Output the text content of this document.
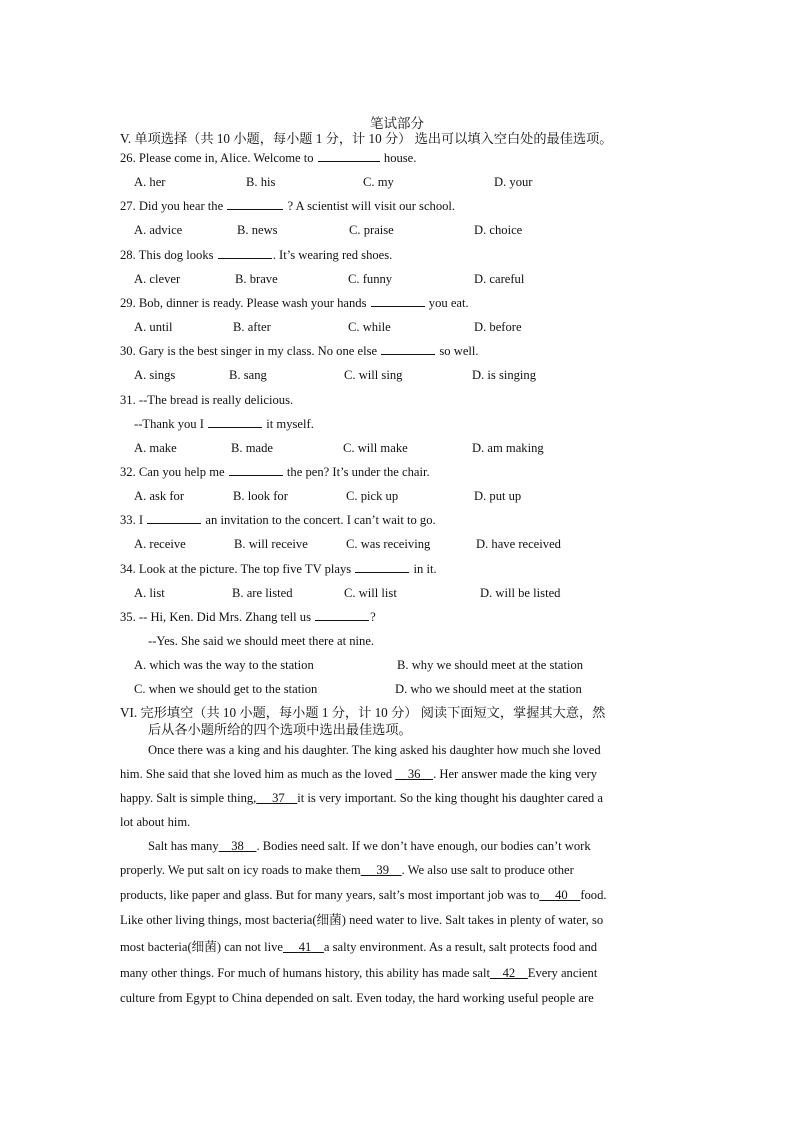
笔试部分
V. 单项选择（共 10 小题，每小题 1 分，计 10 分） 选出可以填入空白处的最佳选项。
26. Please come in, Alice. Welcome to	house.
A. her	B. his	C. my	D. your
27. Did you hear the	? A scientist will visit our school.
A. advice	B. news	C. praise	D. choice
28. This dog looks	. It’s wearing red shoes.
A. clever	B. brave	C. funny	D. careful
29. Bob, dinner is ready. Please wash your hands	you eat.
A. until	B. after	C. while	D. before
30. Gary is the best singer in my class. No one else	so well.
A. sings	B. sang	C. will sing	D. is singing
31. --The bread is really delicious.
--Thank you I	it myself.
A. make	B. made	C. will make	D. am making
32. Can you help me	the pen? It’s under the chair.
A. ask for	B. look for	C. pick up	D. put up
33. I	an invitation to the concert. I can’t wait to go.
A. receive	B. will receive	C. was receiving	D. have received
34. Look at the picture. The top five TV plays	in it.
A. list	B. are listed	C. will list	D. will be listed
35. -- Hi, Ken. Did Mrs. Zhang tell us	?
--Yes. She said we should meet there at nine.
A. which was the way to the station	B. why we should meet at the station
C. when we should get to the station	D. who we should meet at the station
VI. 完形填空（共 10 小题，每小题 1 分，计 10 分） 阅读下面短文，掌握其大意，然
后从各小题所给的四个选项中选出最佳选项。
Once there was a king and his daughter. The king asked his daughter how much she loved
him. She said that she loved him as much as the loved 36 . Her answer made the king very
happy. Salt is simple thing, 37 it is very important. So the king thought his daughter cared a
lot about him.
Salt has many 38 . Bodies need salt. If we don’t have enough, our bodies can’t work
properly. We put salt on icy roads to make them 39 . We also use salt to produce other
products, like paper and glass. But for many years, salt’s most important job was to 40 food.
Like other living things, most bacteria(细菌) need water to live. Salt takes in plenty of water, so
most bacteria(细菌) can not live 41 a salty environment. As a result, salt protects food and
many other things. For much of humans history, this ability has made salt 42 Every ancient
culture from Egypt to China depended on salt. Even today, the hard working useful people are
